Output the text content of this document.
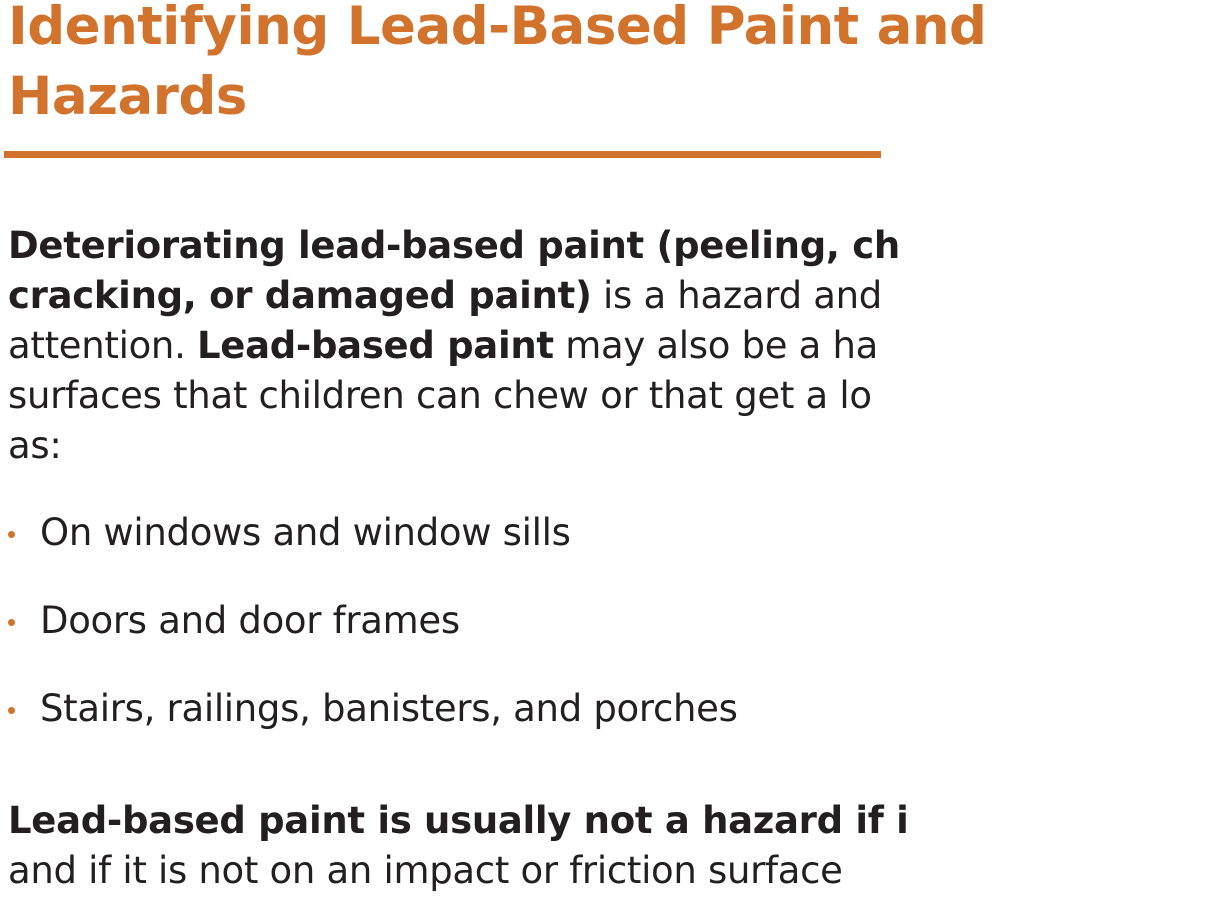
Identifying Lead-Based Paint and
Hazards

Deteriorating lead-based paint (peeling, ch
cracking, or damaged paint) is a hazard and
attention. Lead-based paint may also be a ha
surfaces that children can chew or that get a lo
as:

On windows and window sills
Doors and door frames
Stairs, railings, banisters, and porches

Lead-based paint is usually not a hazard if i
and if it is not on an impact or friction surface
